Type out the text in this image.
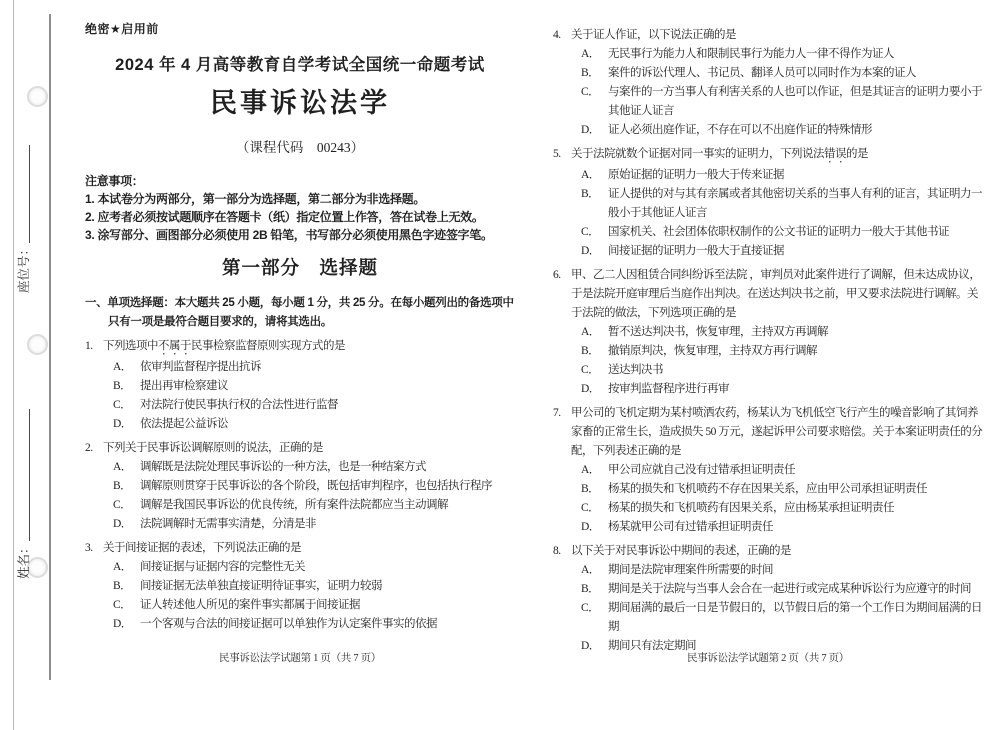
座位号：
姓名：
绝密★启用前
2024 年 4 月高等教育自学考试全国统一命题考试
民事诉讼法学
（课程代码　00243）
注意事项：
1. 本试卷分为两部分，第一部分为选择题，第二部分为非选择题。
2. 应考者必须按试题顺序在答题卡（纸）指定位置上作答，答在试卷上无效。
3. 涂写部分、画图部分必须使用 2B 铅笔，书写部分必须使用黑色字迹签字笔。
第一部分　选择题
一、单项选择题：本大题共 25 小题，每小题 1 分，共 25 分。在每小题列出的备选项中只有一项是最符合题目要求的，请将其选出。
1. 下列选项中不属于民事检察监督原则实现方式的是
A． 依审判监督程序提出抗诉
B． 提出再审检察建议
C． 对法院行使民事执行权的合法性进行监督
D． 依法提起公益诉讼
2. 下列关于民事诉讼调解原则的说法，正确的是
A． 调解既是法院处理民事诉讼的一种方法，也是一种结案方式
B． 调解原则贯穿于民事诉讼的各个阶段，既包括审判程序，也包括执行程序
C． 调解是我国民事诉讼的优良传统，所有案件法院都应当主动调解
D． 法院调解时无需事实清楚，分清是非
3. 关于间接证据的表述，下列说法正确的是
A． 间接证据与证据内容的完整性无关
B． 间接证据无法单独直接证明待证事实，证明力较弱
C． 证人转述他人所见的案件事实都属于间接证据
D． 一个客观与合法的间接证据可以单独作为认定案件事实的依据
民事诉讼法学试题第 1 页（共 7 页）
4. 关于证人作证，以下说法正确的是
A． 无民事行为能力人和限制民事行为能力人一律不得作为证人
B． 案件的诉讼代理人、书记员、翻译人员可以同时作为本案的证人
C． 与案件的一方当事人有利害关系的人也可以作证，但是其证言的证明力要小于其他证人证言
D． 证人必须出庭作证，不存在可以不出庭作证的特殊情形
5. 关于法院就数个证据对同一事实的证明力，下列说法错误的是
A． 原始证据的证明力一般大于传来证据
B． 证人提供的对与其有亲属或者其他密切关系的当事人有利的证言，其证明力一般小于其他证人证言
C． 国家机关、社会团体依职权制作的公文书证的证明力一般大于其他书证
D． 间接证据的证明力一般大于直接证据
6. 甲、乙二人因租赁合同纠纷诉至法院 ，审判员对此案件进行了调解，但未达成协议，于是法院开庭审理后当庭作出判决。在送达判决书之前，甲又要求法院进行调解。关于法院的做法，下列选项正确的是
A． 暂不送达判决书，恢复审理，主持双方再调解
B． 撤销原判决，恢复审理，主持双方再行调解
C． 送达判决书
D． 按审判监督程序进行再审
7. 甲公司的飞机定期为某村喷洒农药，杨某认为飞机低空飞行产生的噪音影响了其饲养家畜的正常生长，造成损失 50 万元，遂起诉甲公司要求赔偿。关于本案证明责任的分配，下列表述正确的是
A． 甲公司应就自己没有过错承担证明责任
B． 杨某的损失和飞机喷药不存在因果关系，应由甲公司承担证明责任
C． 杨某的损失和飞机喷药有因果关系，应由杨某承担证明责任
D． 杨某就甲公司有过错承担证明责任
8. 以下关于对民事诉讼中期间的表述，正确的是
A． 期间是法院审理案件所需要的时间
B． 期间是关于法院与当事人会合在一起进行或完成某种诉讼行为应遵守的时间
C． 期间届满的最后一日是节假日的，以节假日后的第一个工作日为期间届满的日期
D． 期间只有法定期间
民事诉讼法学试题第 2 页（共 7 页）
